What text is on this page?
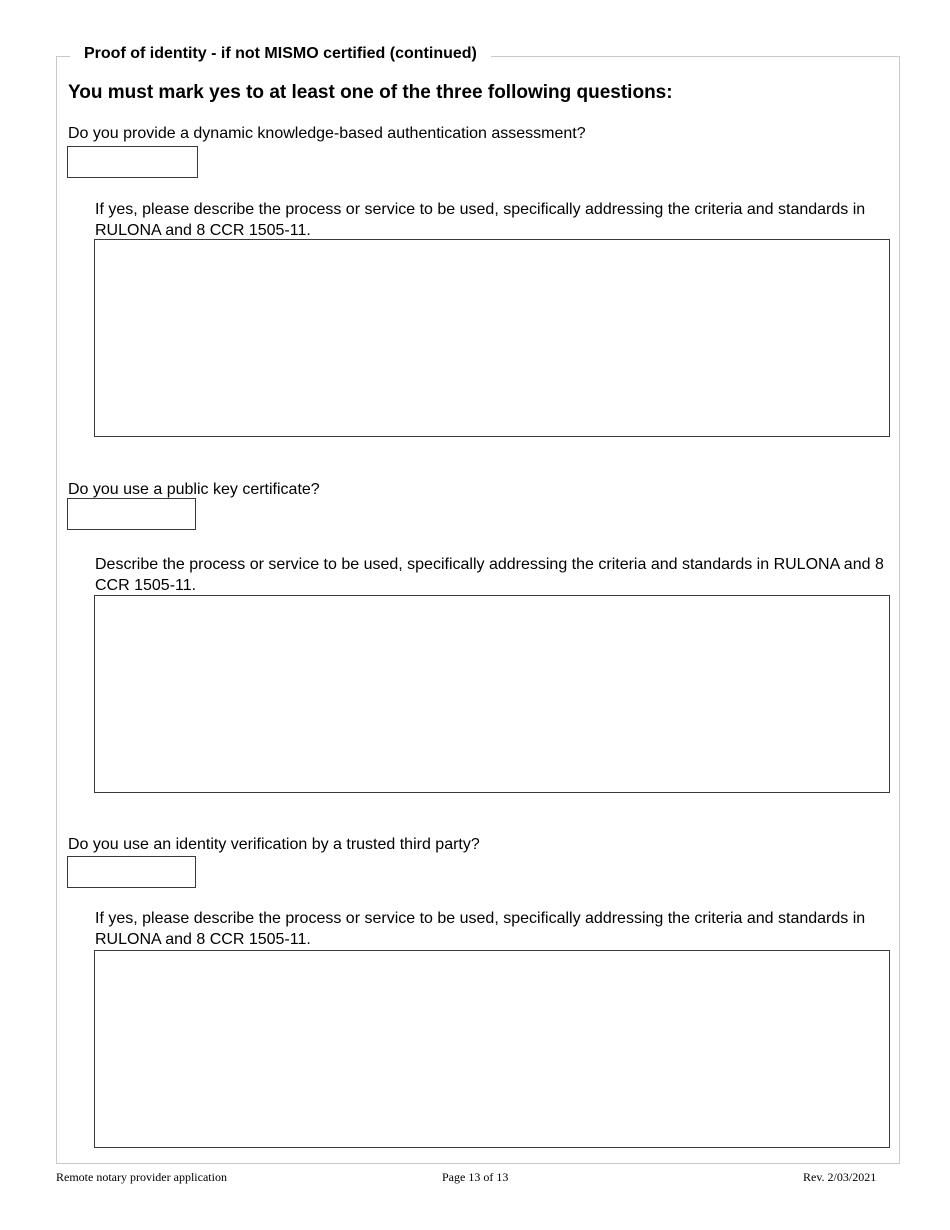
Proof of identity - if not MISMO certified (continued)
You must mark yes to at least one of the three following questions:
Do you provide a dynamic knowledge-based authentication assessment?
If yes, please describe the process or service to be used, specifically addressing the criteria and standards in RULONA and 8 CCR 1505-11.
Do you use a public key certificate?
Describe the process or service to be used, specifically addressing the criteria and standards in RULONA and 8 CCR 1505-11.
Do you use an identity verification by a trusted third party?
If yes, please describe the process or service to be used, specifically addressing the criteria and standards in RULONA and 8 CCR 1505-11.
Remote notary provider application	Page 13 of 13	Rev. 2/03/2021
